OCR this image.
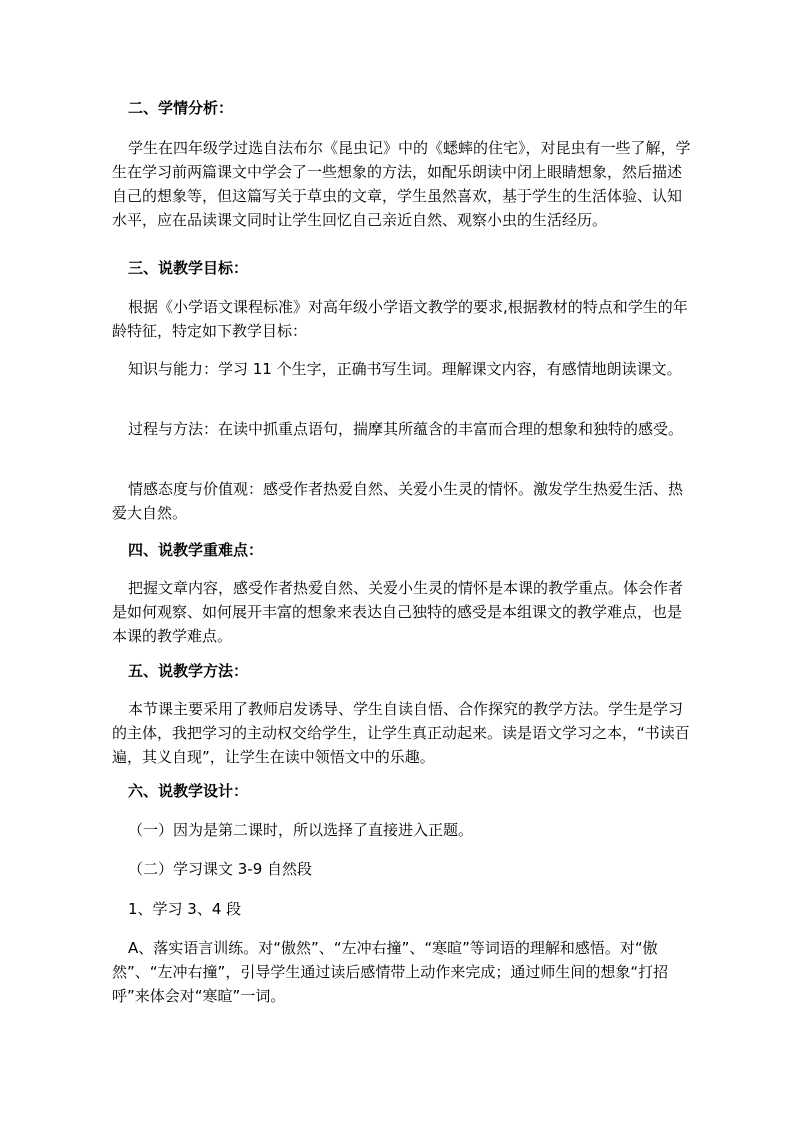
二、学情分析：

学生在四年级学过选自法布尔《昆虫记》中的《蟋蟀的住宅》，对昆虫有一些了解，学生在学习前两篇课文中学会了一些想象的方法，如配乐朗读中闭上眼睛想象，然后描述自己的想象等，但这篇写关于草虫的文章，学生虽然喜欢，基于学生的生活体验、认知水平，应在品读课文同时让学生回忆自己亲近自然、观察小虫的生活经历。

三、说教学目标：

根据《小学语文课程标准》对高年级小学语文教学的要求,根据教材的特点和学生的年龄特征，特定如下教学目标：

知识与能力：学习 11 个生字，正确书写生词。理解课文内容，有感情地朗读课文。

过程与方法：在读中抓重点语句，揣摩其所蕴含的丰富而合理的想象和独特的感受。

情感态度与价值观：感受作者热爱自然、关爱小生灵的情怀。激发学生热爱生活、热爱大自然。

四、说教学重难点：

把握文章内容，感受作者热爱自然、关爱小生灵的情怀是本课的教学重点。体会作者是如何观察、如何展开丰富的想象来表达自己独特的感受是本组课文的教学难点，也是本课的教学难点。

五、说教学方法：

本节课主要采用了教师启发诱导、学生自读自悟、合作探究的教学方法。学生是学习的主体，我把学习的主动权交给学生，让学生真正动起来。读是语文学习之本，“书读百遍，其义自现”，让学生在读中领悟文中的乐趣。

六、说教学设计：

（一）因为是第二课时，所以选择了直接进入正题。

（二）学习课文 3-9 自然段

1、学习 3、4 段

A、落实语言训练。对“傲然”、“左冲右撞”、“寒暄”等词语的理解和感悟。对“傲然”、“左冲右撞”，引导学生通过读后感情带上动作来完成；通过师生间的想象“打招呼”来体会对“寒暄”一词。
